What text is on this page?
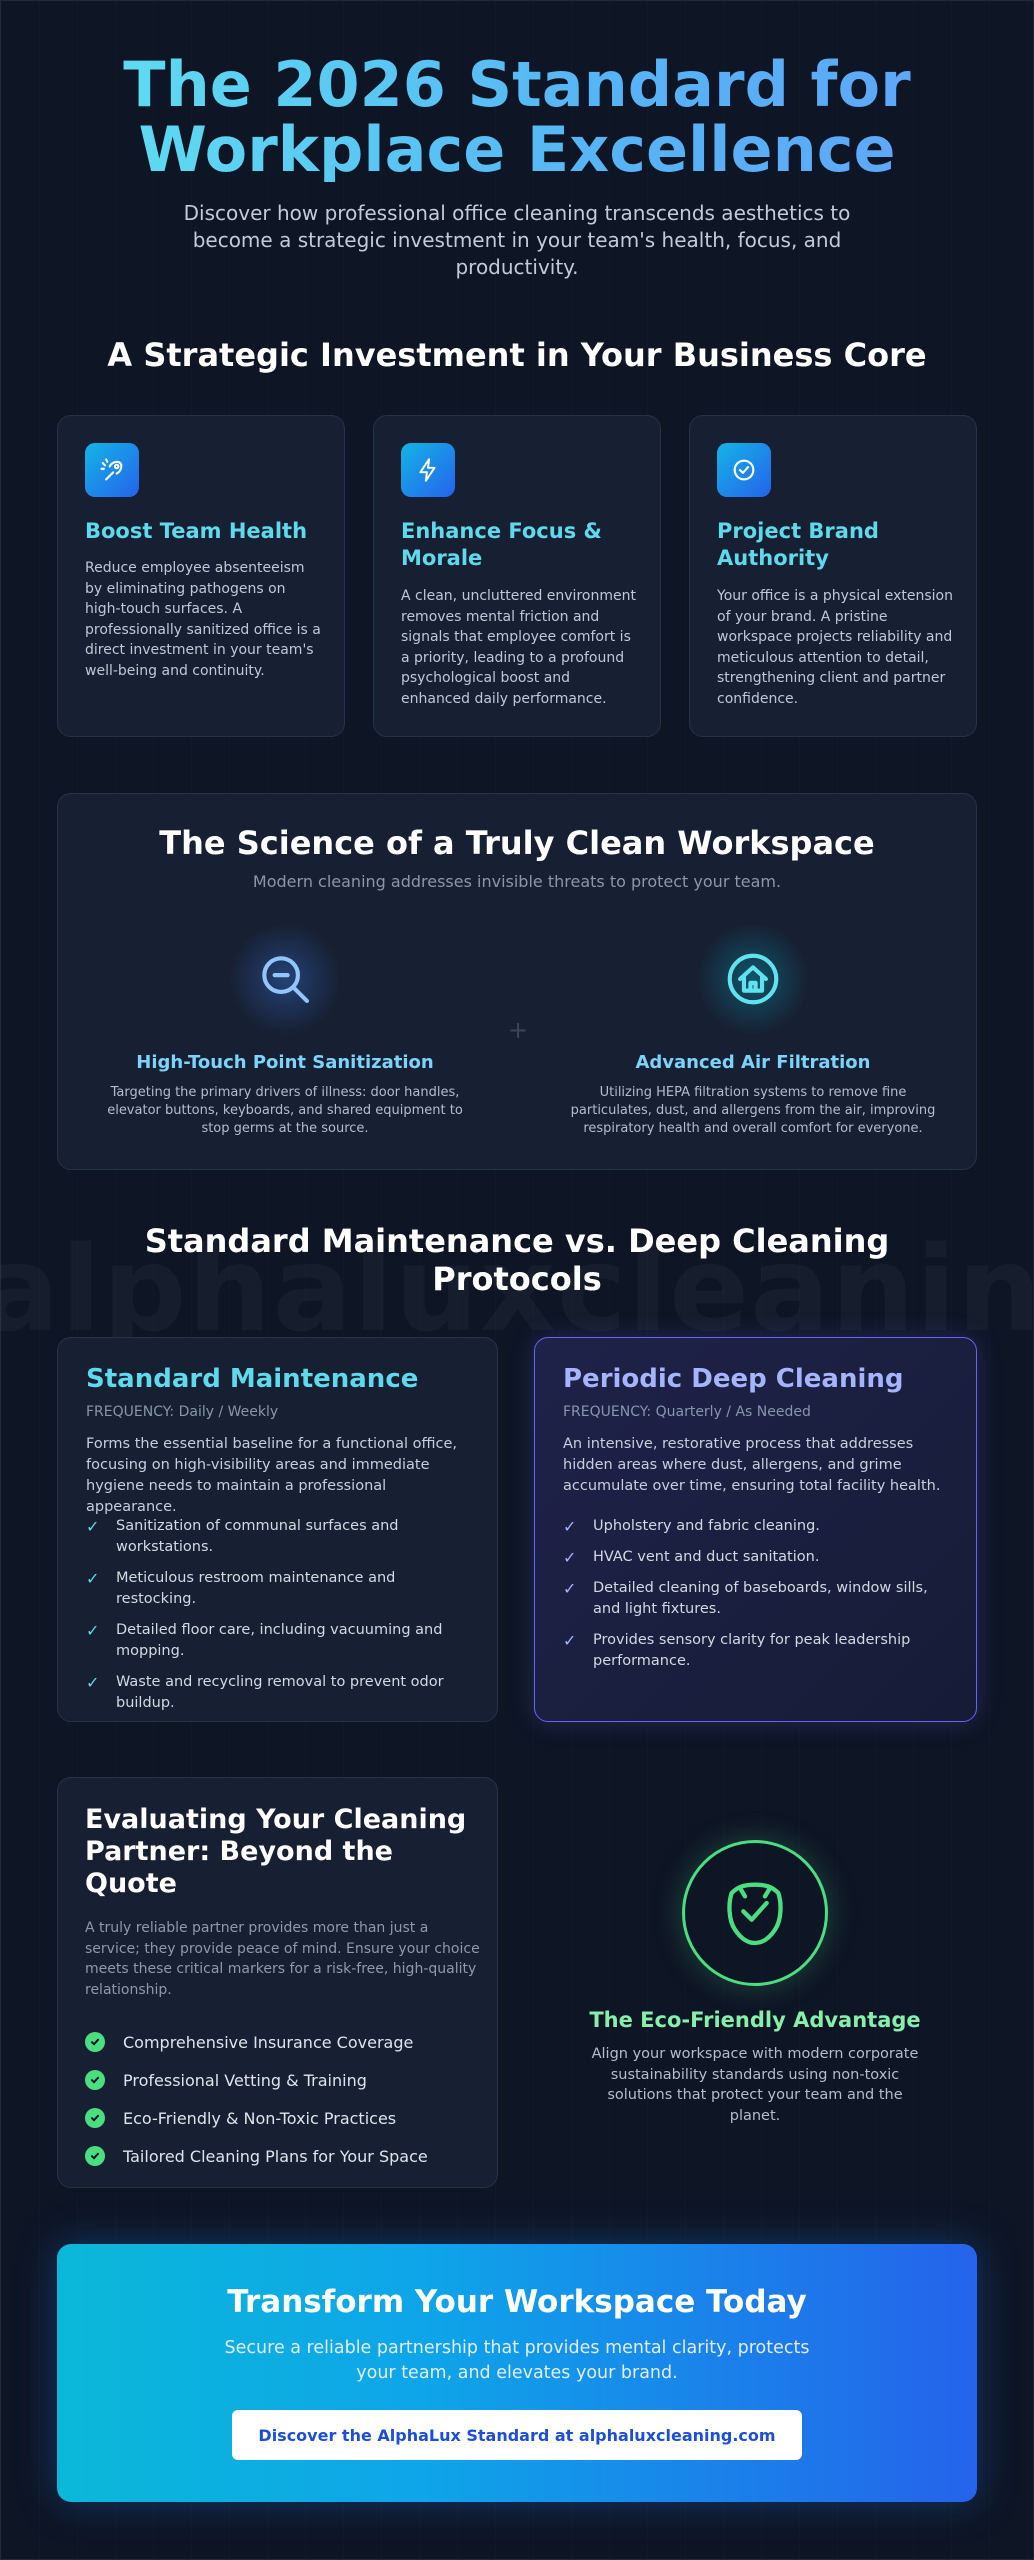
The 2026 Standard for Workplace Excellence
Discover how professional office cleaning transcends aesthetics to become a strategic investment in your team's health, focus, and productivity.
A Strategic Investment in Your Business Core
Boost Team Health
Reduce employee absenteeism by eliminating pathogens on high-touch surfaces. A professionally sanitized office is a direct investment in your team's well-being and continuity.
Enhance Focus & Morale
A clean, uncluttered environment removes mental friction and signals that employee comfort is a priority, leading to a profound psychological boost and enhanced daily performance.
Project Brand Authority
Your office is a physical extension of your brand. A pristine workspace projects reliability and meticulous attention to detail, strengthening client and partner confidence.
The Science of a Truly Clean Workspace
Modern cleaning addresses invisible threats to protect your team.
+
High-Touch Point Sanitization
Targeting the primary drivers of illness: door handles, elevator buttons, keyboards, and shared equipment to stop germs at the source.
Advanced Air Filtration
Utilizing HEPA filtration systems to remove fine particulates, dust, and allergens from the air, improving respiratory health and overall comfort for everyone.
Standard Maintenance vs. Deep Cleaning Protocols
Standard Maintenance
FREQUENCY: Daily / Weekly
Forms the essential baseline for a functional office, focusing on high-visibility areas and immediate hygiene needs to maintain a professional appearance.
✓	Sanitization of communal surfaces and workstations.
✓	Meticulous restroom maintenance and restocking.
✓	Detailed floor care, including vacuuming and mopping.
✓	Waste and recycling removal to prevent odor buildup.
Periodic Deep Cleaning
FREQUENCY: Quarterly / As Needed
An intensive, restorative process that addresses hidden areas where dust, allergens, and grime accumulate over time, ensuring total facility health.
✓	Upholstery and fabric cleaning.
✓	HVAC vent and duct sanitation.
✓	Detailed cleaning of baseboards, window sills, and light fixtures.
✓	Provides sensory clarity for peak leadership performance.
Evaluating Your Cleaning Partner: Beyond the Quote
A truly reliable partner provides more than just a service; they provide peace of mind. Ensure your choice meets these critical markers for a risk-free, high-quality relationship.
Comprehensive Insurance Coverage
Professional Vetting & Training
Eco-Friendly & Non-Toxic Practices
Tailored Cleaning Plans for Your Space
The Eco-Friendly Advantage
Align your workspace with modern corporate sustainability standards using non-toxic solutions that protect your team and the planet.
Transform Your Workspace Today
Secure a reliable partnership that provides mental clarity, protects your team, and elevates your brand.
Discover the AlphaLux Standard at alphaluxcleaning.com
